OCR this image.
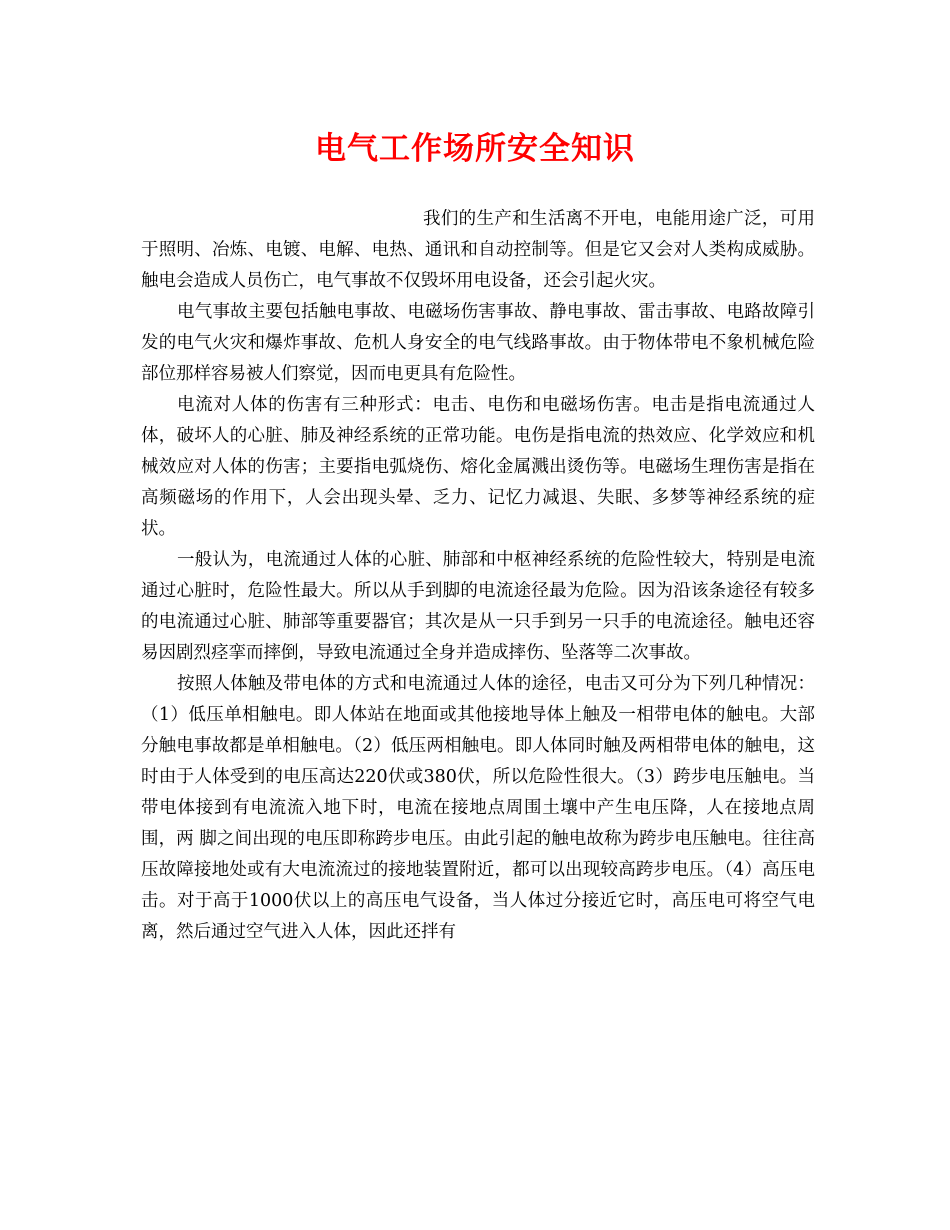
电气工作场所安全知识

我们的生产和生活离不开电，电能用途广泛，可用于照明、冶炼、电镀、电解、电热、通讯和自动控制等。但是它又会对人类构成威胁。触电会造成人员伤亡，电气事故不仅毁坏用电设备，还会引起火灾。

电气事故主要包括触电事故、电磁场伤害事故、静电事故、雷击事故、电路故障引发的电气火灾和爆炸事故、危机人身安全的电气线路事故。由于物体带电不象机械危险部位那样容易被人们察觉，因而电更具有危险性。

电流对人体的伤害有三种形式：电击、电伤和电磁场伤害。电击是指电流通过人体，破坏人的心脏、肺及神经系统的正常功能。电伤是指电流的热效应、化学效应和机械效应对人体的伤害；主要指电弧烧伤、熔化金属溅出烫伤等。电磁场生理伤害是指在高频磁场的作用下，人会出现头晕、乏力、记忆力减退、失眠、多梦等神经系统的症状。

一般认为，电流通过人体的心脏、肺部和中枢神经系统的危险性较大，特别是电流通过心脏时，危险性最大。所以从手到脚的电流途径最为危险。因为沿该条途径有较多的电流通过心脏、肺部等重要器官；其次是从一只手到另一只手的电流途径。触电还容易因剧烈痉挛而摔倒，导致电流通过全身并造成摔伤、坠落等二次事故。

按照人体触及带电体的方式和电流通过人体的途径，电击又可分为下列几种情况：（1）低压单相触电。即人体站在地面或其他接地导体上触及一相带电体的触电。大部分触电事故都是单相触电。（2）低压两相触电。即人体同时触及两相带电体的触电，这时由于人体受到的电压高达220伏或380伏，所以危险性很大。（3）跨步电压触电。当带电体接到有电流流入地下时，电流在接地点周围土壤中产生电压降，人在接地点周围，两 脚之间出现的电压即称跨步电压。由此引起的触电故称为跨步电压触电。往往高压故障接地处或有大电流流过的接地装置附近，都可以出现较高跨步电压。（4）高压电击。对于高于1000伏以上的高压电气设备，当人体过分接近它时，高压电可将空气电离，然后通过空气进入人体，因此还拌有
